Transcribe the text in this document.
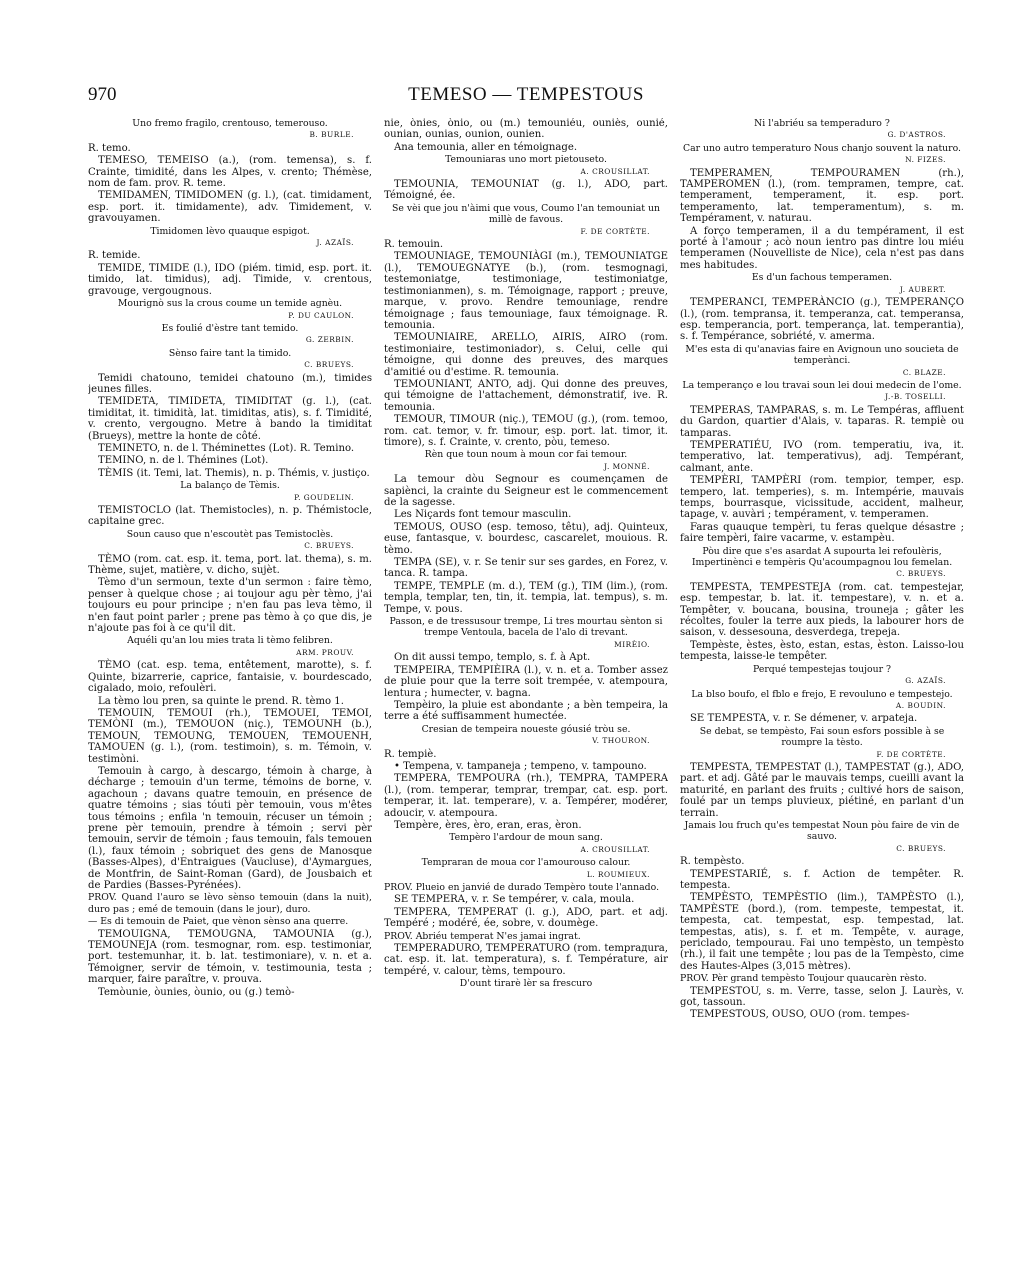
970	TEMESO — TEMPESTOUS

Uno fremo fragilo, crentouso, temerouso.

B. BURLE.

R. temo.

TEMESO, TEMEISO (a.), (rom. temensa), s. f. Crainte, timidité, dans les Alpes, v. crento; Thémèse, nom de fam. prov. R. teme.

TEMIDAMEN, TIMIDOMEN (g. l.), (cat. timidament, esp. port. it. timidamente), adv. Timidement, v. gravouyamen.

Timidomen lèvo quauque espigot.

J. AZAÏS.

R. temide.

TEMIDE, TIMIDE (l.), IDO (piém. timid, esp. port. it. timido, lat. timidus), adj. Timide, v. crentous, gravouge, vergougnous.

Mourignò sus la crous coume un temide agnèu.

P. DU CAULON.

Es foulié d'èstre tant temido.

G. ZERBIN.

Sènso faire tant la timido.

C. BRUEYS.

Temidi chatouno, temidei chatouno (m.), timides jeunes filles.

TEMIDETA, TIMIDETA, TIMIDITAT (g. l.), (cat. timiditat, it. timidità, lat. timiditas, atis), s. f. Timidité, v. crento, vergougno. Metre à bando la timiditat (Brueys), mettre la honte de côté.

TEMINETO, n. de l. Théminettes (Lot). R. Temino.

TEMINO, n. de l. Thémines (Lot).

TÈMIS (it. Temi, lat. Themis), n. p. Thémis, v. justiço.

La balanço de Tèmis.

P. GOUDELIN.

TEMISTOCLO (lat. Themistocles), n. p. Thémistocle, capitaine grec.

Soun causo que n'escoutèt pas Temistoclès.

C. BRUEYS.

TÈMO (rom. cat. esp. it. tema, port. lat. thema), s. m. Thème, sujet, matière, v. dicho, sujèt.

Tèmo d'un sermoun, texte d'un sermon : faire tèmo, penser à quelque chose ; ai toujour agu pèr tèmo, j'ai toujours eu pour principe ; n'en fau pas leva tèmo, il n'en faut point parler ; prene pas tèmo à ço que dis, je n'ajoute pas foi à ce qu'il dit.

Aquéli qu'an lou mies trata li tèmo felibren.

ARM. PROUV.

TÈMO (cat. esp. tema, entêtement, marotte), s. f. Quinte, bizarrerie, caprice, fantaisie, v. bourdescado, cigalado, moio, refoulèri.

La tèmo lou pren, sa quinte le prend. R. tèmo 1.

TEMOUIN, TEMOUI (rh.), TEMOUEI, TEMOI, TEMÒNI (m.), TEMOUON (niç.), TEMOUNH (b.), TEMOUN, TEMOUNG, TEMOUEN, TEMOUENH, TAMOUEN (g. l.), (rom. testimoin), s. m. Témoin, v. testimòni.

Temouin à cargo, à descargo, témoin à charge, à décharge ; temouin d'un terme, témoins de borne, v. agachoun ; davans quatre temouin, en présence de quatre témoins ; sias tóuti pèr temouin, vous m'êtes tous témoins ; enfila 'n temouin, récuser un témoin ; prene pèr temouin, prendre à témoin ; servi pèr temouin, servir de témoin ; faus temouin, fals temouen (l.), faux témoin ; sobriquet des gens de Manosque (Basses-Alpes), d'Entraigues (Vaucluse), d'Aymargues, de Montfrin, de Saint-Roman (Gard), de Jousbaich et de Pardies (Basses-Pyrénées).

PROV. Quand l'auro se lèvo sènso temouin (dans la nuit), duro pas ; emé de temouin (dans le jour), duro.

— Es di temouin de Paiet, que vènon sènso ana querre.

TEMOUIGNA, TEMOUGNA, TAMOUNIA (g.), TEMOUNEJA (rom. tesmognar, rom. esp. testimoniar, port. testemunhar, it. b. lat. testimoniare), v. n. et a. Témoigner, servir de témoin, v. testimounia, testa ; marquer, faire paraître, v. prouva.

Temòunie, òunies, òunio, ou (g.) temò-

nie, ònies, ònio, ou (m.) temouniéu, ouniès, ounié, ounian, ounias, ounion, ounien.

Ana temounia, aller en témoignage.

Temouniaras uno mort pietouseto.

A. CROUSILLAT.

TEMOUNIA, TEMOUNIAT (g. l.), ADO, part. Témoigné, ée.

Se vèi que jou n'àimi que vous, Coumo l'an temouniat un millè de favous.

F. DE CORTÈTE.

R. temouin.

TEMOUNIAGE, TEMOUNIÀGI (m.), TEMOUNIATGE (l.), TEMOUEGNATYE (b.), (rom. tesmognagi, testemoniatge, testimoniage, testimoniatge, testimonianmen), s. m. Témoignage, rapport ; preuve, marque, v. provo. Rendre temouniage, rendre témoignage ; faus temouniage, faux témoignage. R. temounia.

TEMOUNIAIRE, ARELLO, AIRIS, AIRO (rom. testimoniaire, testimoniador), s. Celui, celle qui témoigne, qui donne des preuves, des marques d'amitié ou d'estime. R. temounia.

TEMOUNIANT, ANTO, adj. Qui donne des preuves, qui témoigne de l'attachement, démonstratif, ive. R. temounia.

TEMOUR, TIMOUR (niç.), TEMOU (g.), (rom. temoo, rom. cat. temor, v. fr. timour, esp. port. lat. timor, it. timore), s. f. Crainte, v. crento, pòu, temeso.

Rèn que toun noum à moun cor fai temour.

J. MONNÉ.

La temour dòu Segnour es coumençamen de sapiènci, la crainte du Seigneur est le commencement de la sagesse.

Les Niçards font temour masculin.

TEMOUS, OUSO (esp. temoso, têtu), adj. Quinteux, euse, fantasque, v. bourdesc, cascarelet, mouious. R. tèmo.

TEMPA (SE), v. r. Se tenir sur ses gardes, en Forez, v. tanca. R. tampa.

TEMPE, TEMPLE (m. d.), TEM (g.), TIM (lim.), (rom. templa, templar, ten, tin, it. tempia, lat. tempus), s. m. Tempe, v. pous.

Passon, e de tressusour trempe, Li tres mourtau sènton si trempe Ventoula, bacela de l'alo di trevant.

MIRÈIO.

On dit aussi tempo, templo, s. f. à Apt.

TEMPEIRA, TEMPIÈIRA (l.), v. n. et a. Tomber assez de pluie pour que la terre soit trempée, v. atempoura, lentura ; humecter, v. bagna.

Tempèiro, la pluie est abondante ; a bèn tempeira, la terre a été suffisamment humectée.

Cresian de tempeira noueste góusié tròu se.

V. THOURON.

R. tempiè.

• Tempena, v. tampaneja ; tempeno, v. tampouno.

TEMPERA, TEMPOURA (rh.), TEMPRA, TAMPERA (l.), (rom. temperar, temprar, trempar, cat. esp. port. temperar, it. lat. temperare), v. a. Tempérer, modérer, adoucir, v. atempoura.

Tempère, ères, èro, eran, eras, èron.

Tempèro l'ardour de moun sang.

A. CROUSILLAT.

Tempraran de moua cor l'amourouso calour.

L. ROUMIEUX.

PROV. Plueio en janvié de durado Tempèro toute l'annado.

SE TEMPERA, v. r. Se tempérer, v. cala, moula.

TEMPERA, TEMPERAT (l. g.), ADO, part. et adj. Tempéré ; modéré, ée, sobre, v. doumège.

PROV. Abriéu temperat N'es jamai ingrat.

TEMPERADURO, TEMPERATURO (rom. temprадura, cat. esp. it. lat. temperatura), s. f. Température, air tempéré, v. calour, tèms, tempouro.

D'ount tirarè lèr sa frescuro

Ni l'abriéu sa temperaduro ?

G. D'ASTROS.

Car uno autro temperaturo Nous chanjo souvent la naturo.

N. FIZES.

TEMPERAMEN, TEMPOURAMEN (rh.), TAMPEROMEN (l.), (rom. tempramen, tempre, cat. temperament, temperament, it. esp. port. temperamento, lat. temperamentum), s. m. Tempérament, v. naturau.

A forço temperamen, il a du tempérament, il est porté à l'amour ; acò noun ientro pas dintre lou miéu temperamen (Nouvelliste de Nice), cela n'est pas dans mes habitudes.

Es d'un fachous temperamen.

J. AUBERT.

TEMPERANCI, TEMPERÀNCIO (g.), TEMPERANÇO (l.), (rom. tempransa, it. temperanza, cat. temperansa, esp. temperancia, port. temperança, lat. temperantia), s. f. Tempérance, sobriété, v. amerma.

M'es esta di qu'anavias faire en Avignoun uno soucieta de temperànci.

C. BLAZE.

La temperanço e lou travai soun lei doui medecin de l'ome.

J.-B. TOSELLI.

TEMPERAS, TAMPARAS, s. m. Le Tempéras, affluent du Gardon, quartier d'Alais, v. taparas. R. tempiè ou tamparas.

TEMPERATIÉU, IVO (rom. temperatiu, iva, it. temperativo, lat. temperativus), adj. Tempérant, calmant, ante.

TEMPÈRI, TAMPÈRI (rom. tempior, temper, esp. tempero, lat. temperies), s. m. Intempérie, mauvais temps, bourrasque, vicissitude, accident, malheur, tapage, v. auvàri ; tempérament, v. temperamen.

Faras quauque tempèri, tu feras quelque désastre ; faire tempèri, faire vacarme, v. estampèu.

Pòu dire que s'es asardat A supourta lei refoulèris, Impertinènci e tempèris Qu'acoumpagnou lou femelan.

C. BRUEYS.

TEMPESTA, TEMPESTEJA (rom. cat. tempestejar, esp. tempestar, b. lat. it. tempestare), v. n. et a. Tempêter, v. boucana, bousina, trouneja ; gâter les récoltes, fouler la terre aux pieds, la labourer hors de saison, v. dessesouna, desverdega, trepeja.

Tempèste, èstes, èsto, estan, estas, èston. Laisso-lou tempesta, laisse-le tempêter.

Perqué tempestejas toujour ?

G. AZAÏS.

La blso boufo, el fblo e frejo, E revouluno e tempestejo.

A. BOUDIN.

SE TEMPESTA, v. r. Se démener, v. arpateja.

Se debat, se tempèsto, Fai soun esfors possible à se roumpre la tèsto.

F. DE CORTÈTE.

TEMPESTA, TEMPESTAT (l.), TAMPESTAT (g.), ADO, part. et adj. Gâté par le mauvais temps, cueilli avant la maturité, en parlant des fruits ; cultivé hors de saison, foulé par un temps pluvieux, piétiné, en parlant d'un terrain.

Jamais lou fruch qu'es tempestat Noun pòu faire de vin de sauvo.

C. BRUEYS.

R. tempèsto.

TEMPESTARIÉ, s. f. Action de tempêter. R. tempesta.

TEMPÈSTO, TEMPÈSTIO (lim.), TAMPÈSTO (l.), TAMPÈSTE (bord.), (rom. tempeste, tempestat, it. tempesta, cat. tempestat, esp. tempestad, lat. tempestas, atis), s. f. et m. Tempête, v. aurage, pericladо, tempourau. Fai uno tempèsto, un tempèsto (rh.), il fait une tempête ; lou pas de la Tempèsto, cime des Hautes-Alpes (3,015 mètres).

PROV. Pèr grand tempèsto Toujour quaucarèn rèsto.

TEMPESTOU, s. m. Verre, tasse, selon J. Laurès, v. got, tassoun.

TEMPESTOUS, OUSO, OUO (rom. tempes-
